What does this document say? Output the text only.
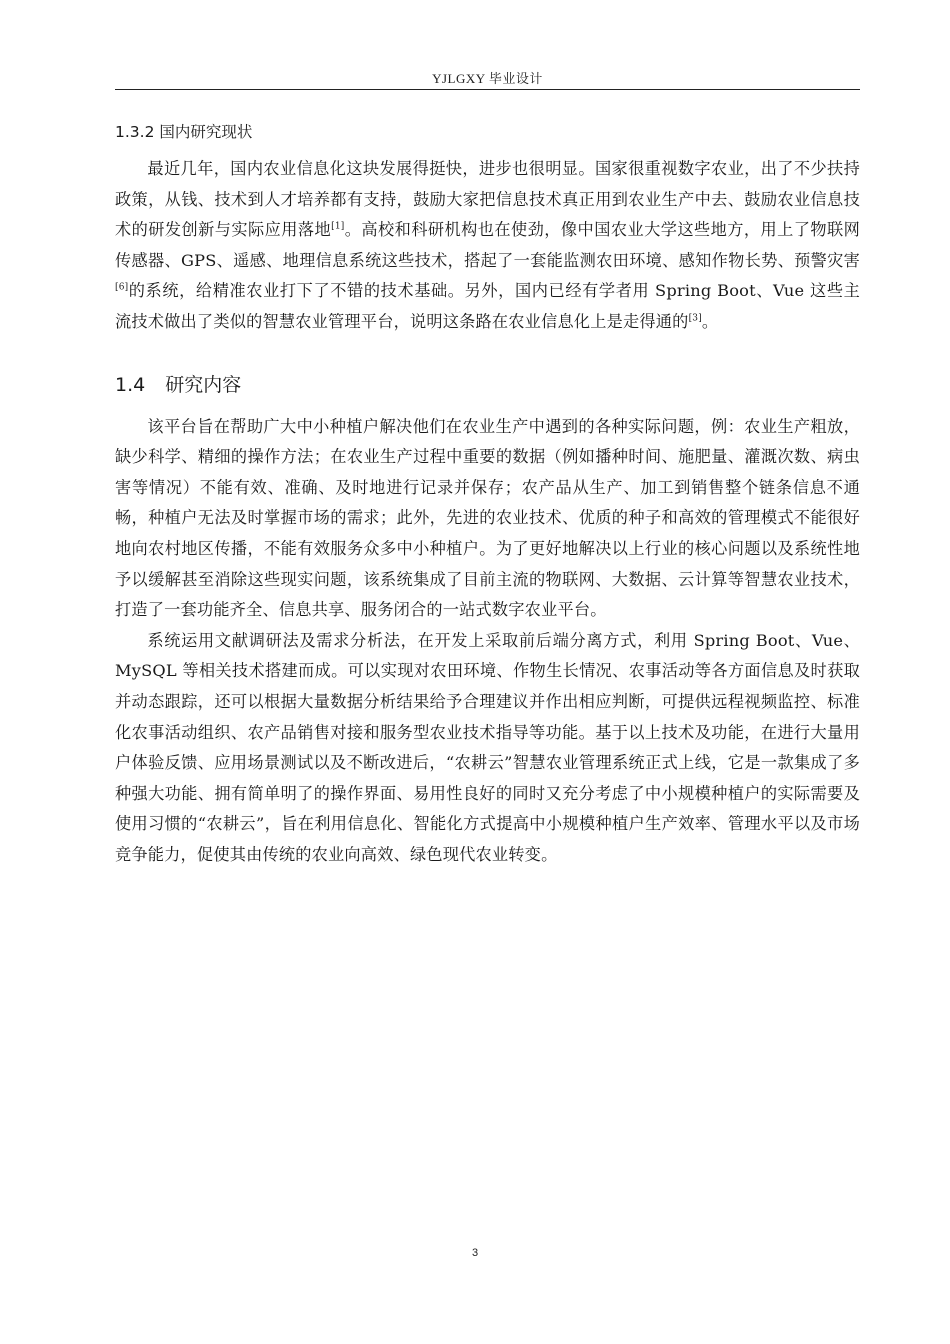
YJLGXY 毕业设计
1.3.2 国内研究现状

最近几年，国内农业信息化这块发展得挺快，进步也很明显。国家很重视数字农业，出了不少扶持政策，从钱、技术到人才培养都有支持，鼓励大家把信息技术真正用到农业生产中去、鼓励农业信息技术的研发创新与实际应用落地[1]。高校和科研机构也在使劲，像中国农业大学这些地方，用上了物联网传感器、GPS、遥感、地理信息系统这些技术，搭起了一套能监测农田环境、感知作物长势、预警灾害[6]的系统，给精准农业打下了不错的技术基础。另外，国内已经有学者用 Spring Boot、Vue 这些主流技术做出了类似的智慧农业管理平台，说明这条路在农业信息化上是走得通的[3]。

1.4 研究内容

该平台旨在帮助广大中小种植户解决他们在农业生产中遇到的各种实际问题，例：农业生产粗放，缺少科学、精细的操作方法；在农业生产过程中重要的数据（例如播种时间、施肥量、灌溉次数、病虫害等情况）不能有效、准确、及时地进行记录并保存；农产品从生产、加工到销售整个链条信息不通畅，种植户无法及时掌握市场的需求；此外，先进的农业技术、优质的种子和高效的管理模式不能很好地向农村地区传播，不能有效服务众多中小种植户。为了更好地解决以上行业的核心问题以及系统性地予以缓解甚至消除这些现实问题，该系统集成了目前主流的物联网、大数据、云计算等智慧农业技术，打造了一套功能齐全、信息共享、服务闭合的一站式数字农业平台。

系统运用文献调研法及需求分析法，在开发上采取前后端分离方式，利用 Spring Boot、Vue、MySQL 等相关技术搭建而成。可以实现对农田环境、作物生长情况、农事活动等各方面信息及时获取并动态跟踪，还可以根据大量数据分析结果给予合理建议并作出相应判断，可提供远程视频监控、标准化农事活动组织、农产品销售对接和服务型农业技术指导等功能。基于以上技术及功能，在进行大量用户体验反馈、应用场景测试以及不断改进后，“农耕云”智慧农业管理系统正式上线，它是一款集成了多种强大功能、拥有简单明了的操作界面、易用性良好的同时又充分考虑了中小规模种植户的实际需要及使用习惯的“农耕云”，旨在利用信息化、智能化方式提高中小规模种植户生产效率、管理水平以及市场竞争能力，促使其由传统的农业向高效、绿色现代农业转变。

3
